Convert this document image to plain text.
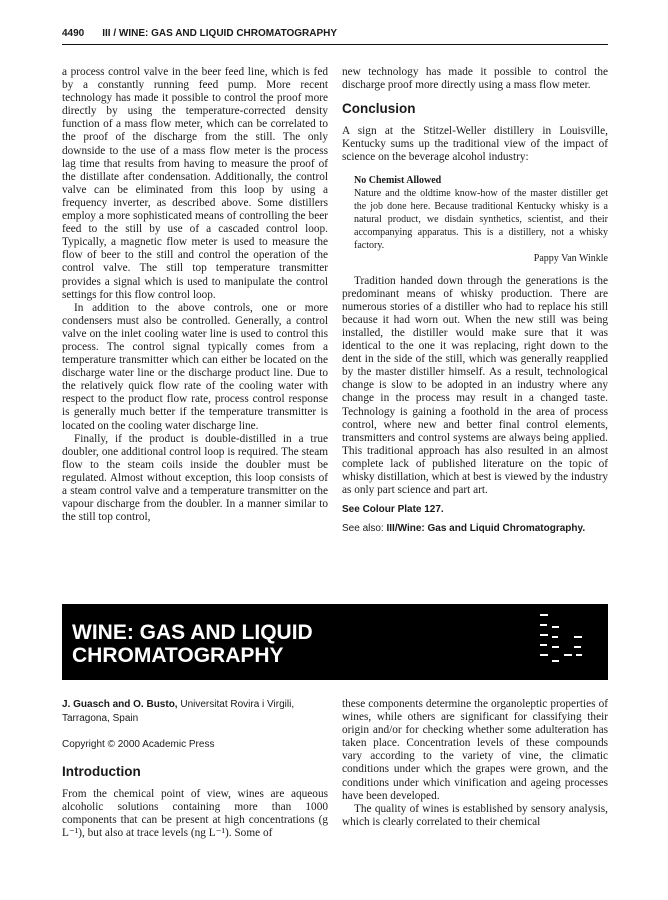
4490 III / WINE: GAS AND LIQUID CHROMATOGRAPHY

a process control valve in the beer feed line, which is fed by a constantly running feed pump. More recent technology has made it possible to control the proof more directly by using the temperature-corrected density function of a mass flow meter, which can be correlated to the proof of the discharge from the still. The only downside to the use of a mass flow meter is the process lag time that results from having to measure the proof of the distillate after condensation. Additionally, the control valve can be eliminated from this loop by using a frequency inverter, as described above. Some distillers employ a more sophisticated means of controlling the beer feed to the still by use of a cascaded control loop. Typically, a magnetic flow meter is used to measure the flow of beer to the still and control the operation of the control valve. The still top temperature transmitter provides a signal which is used to manipulate the control settings for this flow control loop.

In addition to the above controls, one or more condensers must also be controlled. Generally, a control valve on the inlet cooling water line is used to control this process. The control signal typically comes from a temperature transmitter which can either be located on the discharge water line or the discharge product line. Due to the relatively quick flow rate of the cooling water with respect to the product flow rate, process control response is generally much better if the temperature transmitter is located on the cooling water discharge line.

Finally, if the product is double-distilled in a true doubler, one additional control loop is required. The steam flow to the steam coils inside the doubler must be regulated. Almost without exception, this loop consists of a steam control valve and a temperature transmitter on the vapour discharge from the doubler. In a manner similar to the still top control,

new technology has made it possible to control the discharge proof more directly using a mass flow meter.

Conclusion

A sign at the Stitzel-Weller distillery in Louisville, Kentucky sums up the traditional view of the impact of science on the beverage alcohol industry:

No Chemist Allowed
Nature and the oldtime know-how of the master distiller get the job done here. Because traditional Kentucky whisky is a natural product, we disdain synthetics, scientist, and their accompanying apparatus. This is a distillery, not a whisky factory.
Pappy Van Winkle

Tradition handed down through the generations is the predominant means of whisky production. There are numerous stories of a distiller who had to replace his still because it had worn out. When the new still was being installed, the distiller would make sure that it was identical to the one it was replacing, right down to the dent in the side of the still, which was generally reapplied by the master distiller himself. As a result, technological change is slow to be adopted in an industry where any change in the process may result in a changed taste. Technology is gaining a foothold in the area of process control, where new and better final control elements, transmitters and control systems are always being applied. This traditional approach has also resulted in an almost complete lack of published literature on the topic of whisky distillation, which at best is viewed by the industry as only part science and part art.

See Colour Plate 127.
See also: III/Wine: Gas and Liquid Chromatography.
WINE: GAS AND LIQUID CHROMATOGRAPHY
J. Guasch and O. Busto, Universitat Rovira i Virgili, Tarragona, Spain
Copyright © 2000 Academic Press
Introduction

From the chemical point of view, wines are aqueous alcoholic solutions containing more than 1000 components that can be present at high concentrations (g L⁻¹), but also at trace levels (ng L⁻¹). Some of

these components determine the organoleptic properties of wines, while others are significant for classifying their origin and/or for checking whether some adulteration has taken place. Concentration levels of these compounds vary according to the variety of vine, the climatic conditions under which the grapes were grown, and the conditions under which vinification and ageing processes have been developed.

The quality of wines is established by sensory analysis, which is clearly correlated to their chemical
